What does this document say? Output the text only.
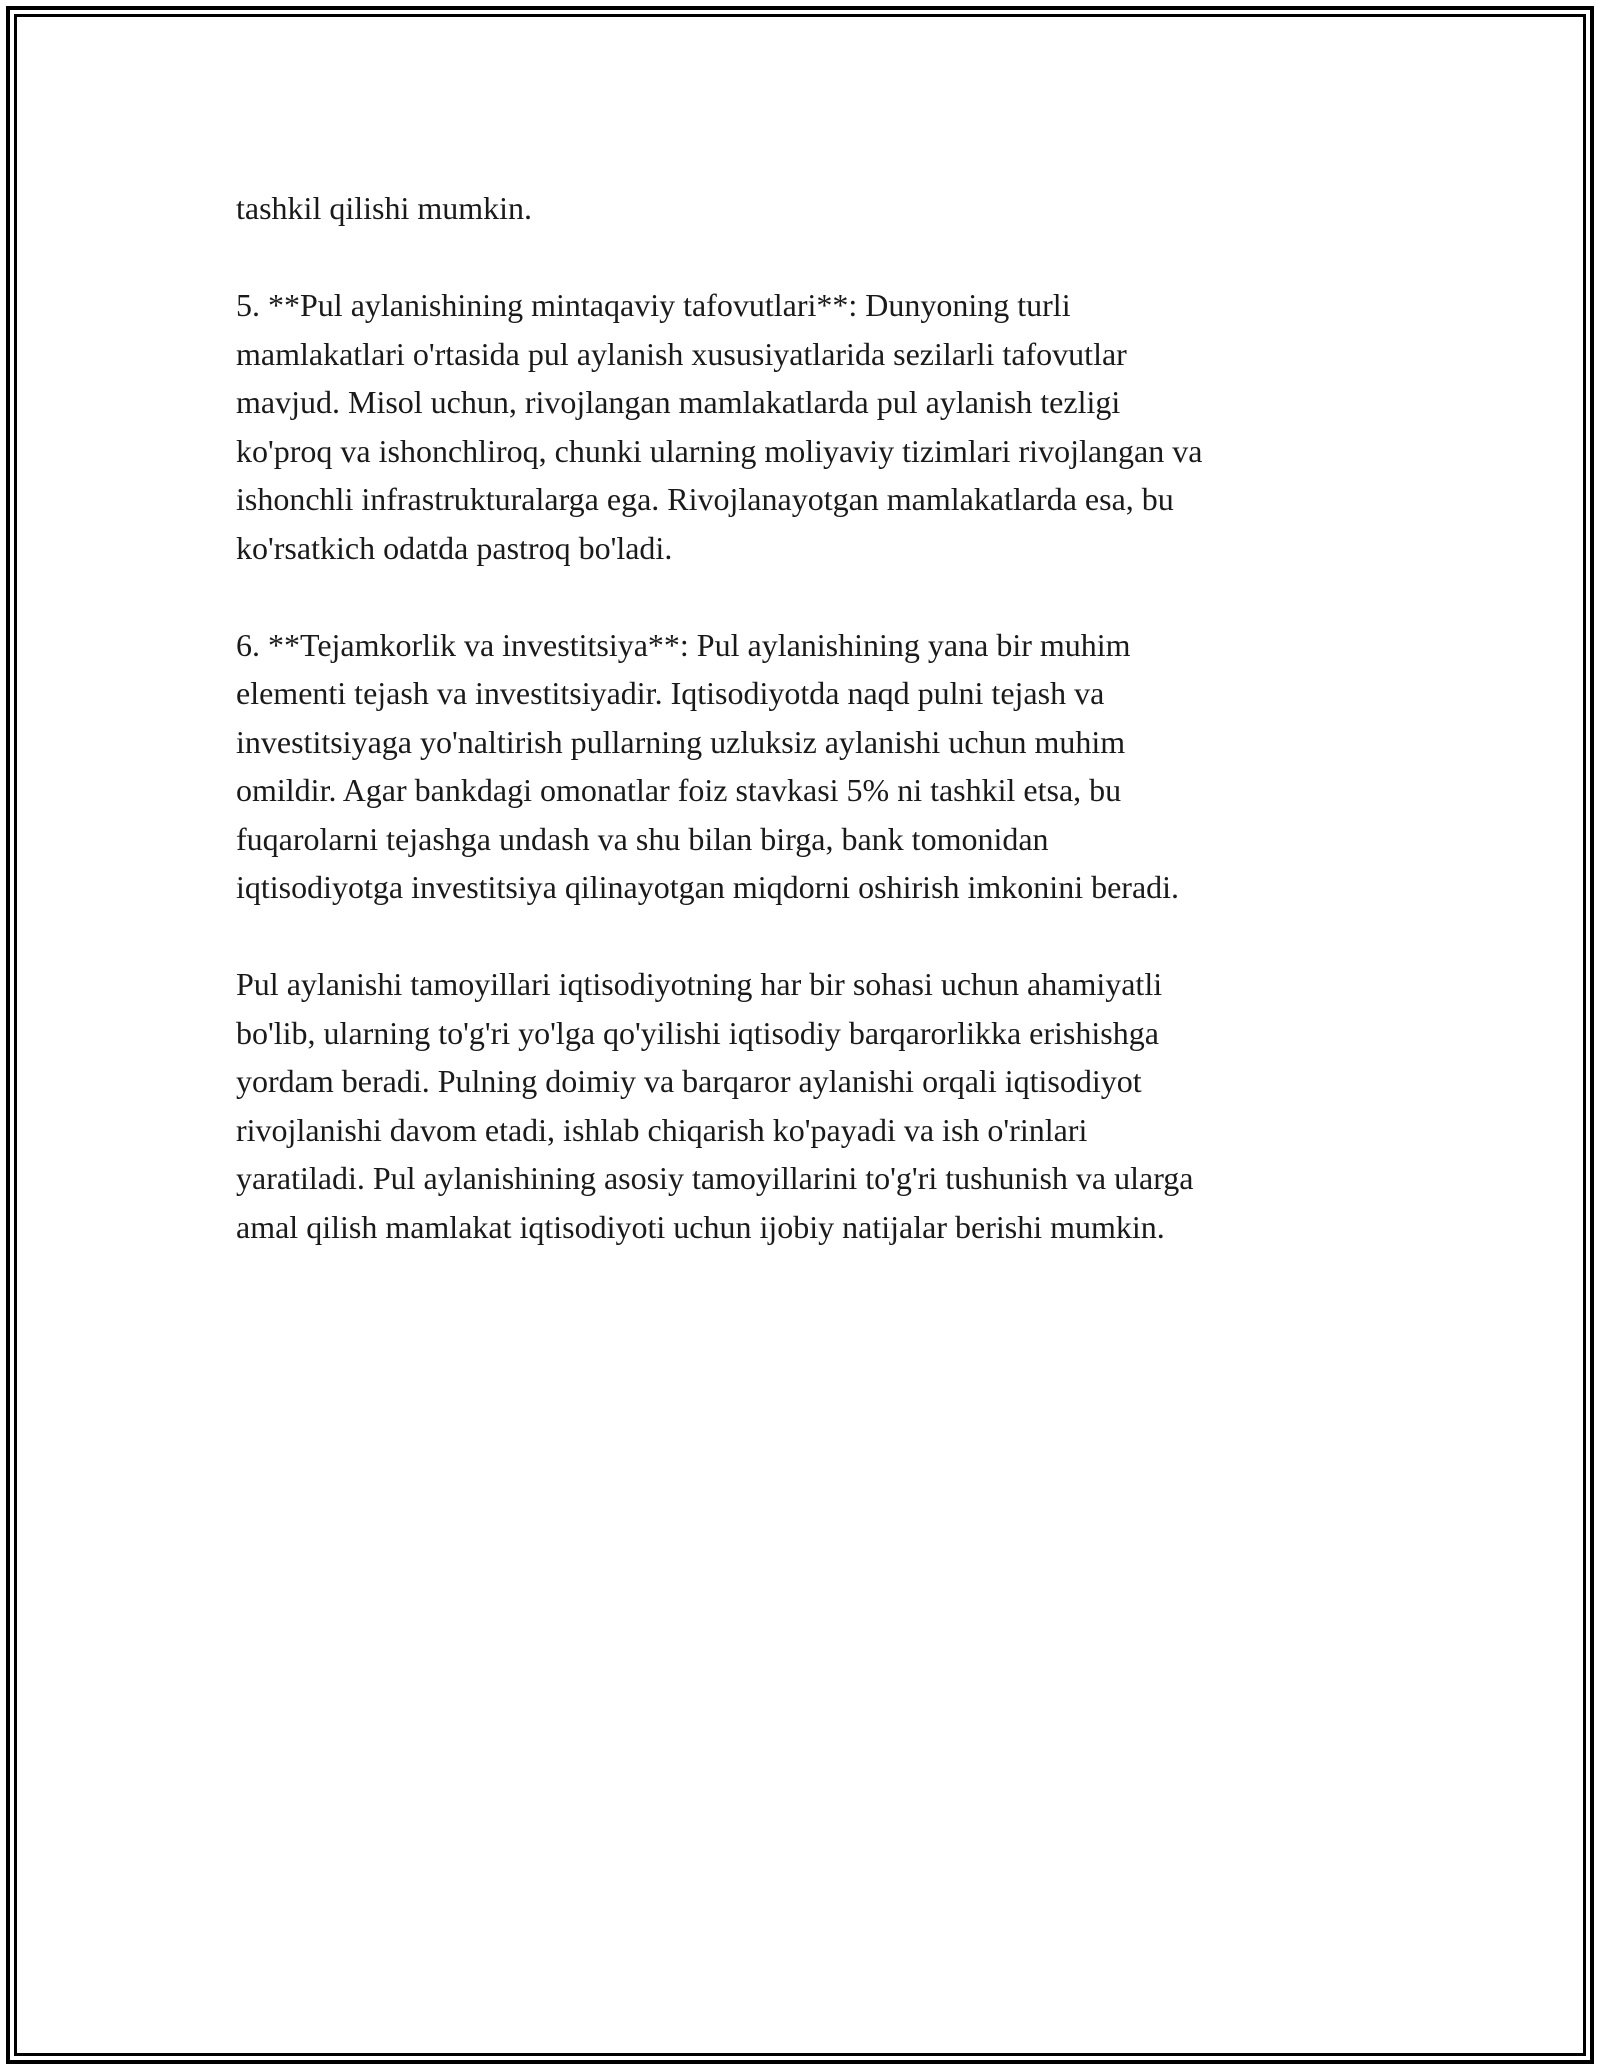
tashkil qilishi mumkin.

5. **Pul aylanishining mintaqaviy tafovutlari**: Dunyoning turli
mamlakatlari o'rtasida pul aylanish xususiyatlarida sezilarli tafovutlar
mavjud. Misol uchun, rivojlangan mamlakatlarda pul aylanish tezligi
ko'proq va ishonchliroq, chunki ularning moliyaviy tizimlari rivojlangan va
ishonchli infrastrukturalarga ega. Rivojlanayotgan mamlakatlarda esa, bu
ko'rsatkich odatda pastroq bo'ladi.

6. **Tejamkorlik va investitsiya**: Pul aylanishining yana bir muhim
elementi tejash va investitsiyadir. Iqtisodiyotda naqd pulni tejash va
investitsiyaga yo'naltirish pullarning uzluksiz aylanishi uchun muhim
omildir. Agar bankdagi omonatlar foiz stavkasi 5% ni tashkil etsa, bu
fuqarolarni tejashga undash va shu bilan birga, bank tomonidan
iqtisodiyotga investitsiya qilinayotgan miqdorni oshirish imkonini beradi.

Pul aylanishi tamoyillari iqtisodiyotning har bir sohasi uchun ahamiyatli
bo'lib, ularning to'g'ri yo'lga qo'yilishi iqtisodiy barqarorlikka erishishga
yordam beradi. Pulning doimiy va barqaror aylanishi orqali iqtisodiyot
rivojlanishi davom etadi, ishlab chiqarish ko'payadi va ish o'rinlari
yaratiladi. Pul aylanishining asosiy tamoyillarini to'g'ri tushunish va ularga
amal qilish mamlakat iqtisodiyoti uchun ijobiy natijalar berishi mumkin.
